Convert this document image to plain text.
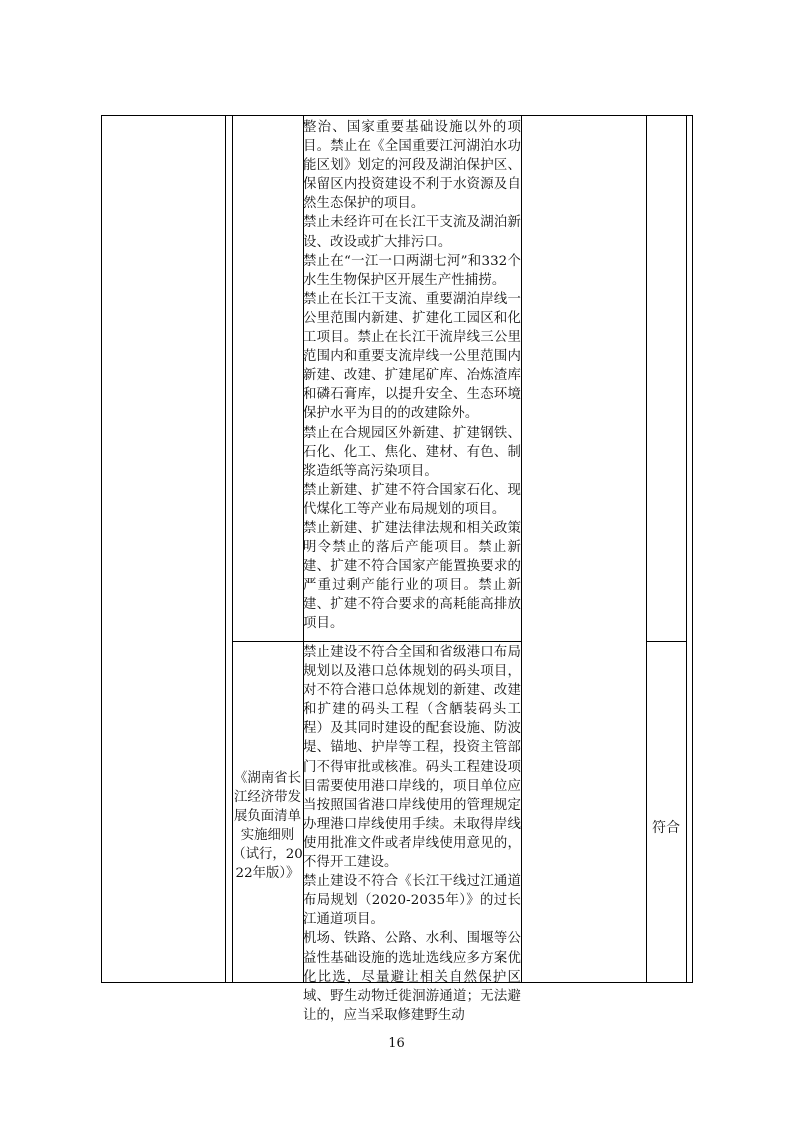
整治、国家重要基础设施以外的项目。禁止在《全国重要江河湖泊水功能区划》划定的河段及湖泊保护区、保留区内投资建设不利于水资源及自然生态保护的项目。

禁止未经许可在长江干支流及湖泊新设、改设或扩大排污口。

禁止在“一江一口两湖七河”和332个水生生物保护区开展生产性捕捞。

禁止在长江干支流、重要湖泊岸线一公里范围内新建、扩建化工园区和化工项目。禁止在长江干流岸线三公里范围内和重要支流岸线一公里范围内新建、改建、扩建尾矿库、冶炼渣库和磷石膏库，以提升安全、生态环境保护水平为目的的改建除外。

禁止在合规园区外新建、扩建钢铁、石化、化工、焦化、建材、有色、制浆造纸等高污染项目。

禁止新建、扩建不符合国家石化、现代煤化工等产业布局规划的项目。

禁止新建、扩建法律法规和相关政策明令禁止的落后产能项目。禁止新建、扩建不符合国家产能置换要求的严重过剩产能行业的项目。禁止新建、扩建不符合要求的高耗能高排放项目。

《湖南省长江经济带发展负面清单实施细则（试行，2022年版）》

禁止建设不符合全国和省级港口布局规划以及港口总体规划的码头项目，对不符合港口总体规划的新建、改建和扩建的码头工程（含舾装码头工程）及其同时建设的配套设施、防波堤、锚地、护岸等工程，投资主管部门不得审批或核准。码头工程建设项目需要使用港口岸线的，项目单位应当按照国省港口岸线使用的管理规定办理港口岸线使用手续。未取得岸线使用批准文件或者岸线使用意见的，不得开工建设。

禁止建设不符合《长江干线过江通道布局规划（2020-2035年）》的过长江通道项目。

机场、铁路、公路、水利、围堰等公益性基础设施的选址选线应多方案优化比选，尽量避让相关自然保护区域、野生动物迁徙洄游通道；无法避让的，应当采取修建野生动

符合

16
